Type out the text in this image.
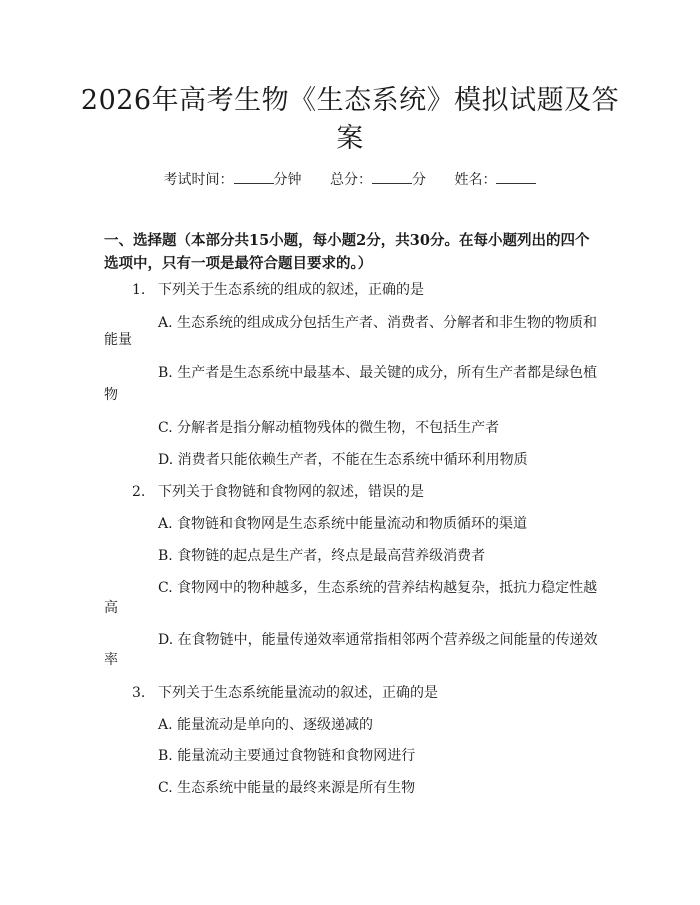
2026年高考生物《生态系统》模拟试题及答案
考试时间：	分钟 总分：	分 姓名：

一、选择题（本部分共15小题，每小题2分，共30分。在每小题列出的四个选项中，只有一项是最符合题目要求的。）

1. 下列关于生态系统的组成的叙述，正确的是
A. 生态系统的组成成分包括生产者、消费者、分解者和非生物的物质和
能量
B. 生产者是生态系统中最基本、最关键的成分，所有生产者都是绿色植
物
C. 分解者是指分解动植物残体的微生物，不包括生产者
D. 消费者只能依赖生产者，不能在生态系统中循环利用物质
2. 下列关于食物链和食物网的叙述，错误的是
A. 食物链和食物网是生态系统中能量流动和物质循环的渠道
B. 食物链的起点是生产者，终点是最高营养级消费者
C. 食物网中的物种越多，生态系统的营养结构越复杂，抵抗力稳定性越
高
D. 在食物链中，能量传递效率通常指相邻两个营养级之间能量的传递效
率
3. 下列关于生态系统能量流动的叙述，正确的是
A. 能量流动是单向的、逐级递减的
B. 能量流动主要通过食物链和食物网进行
C. 生态系统中能量的最终来源是所有生物
